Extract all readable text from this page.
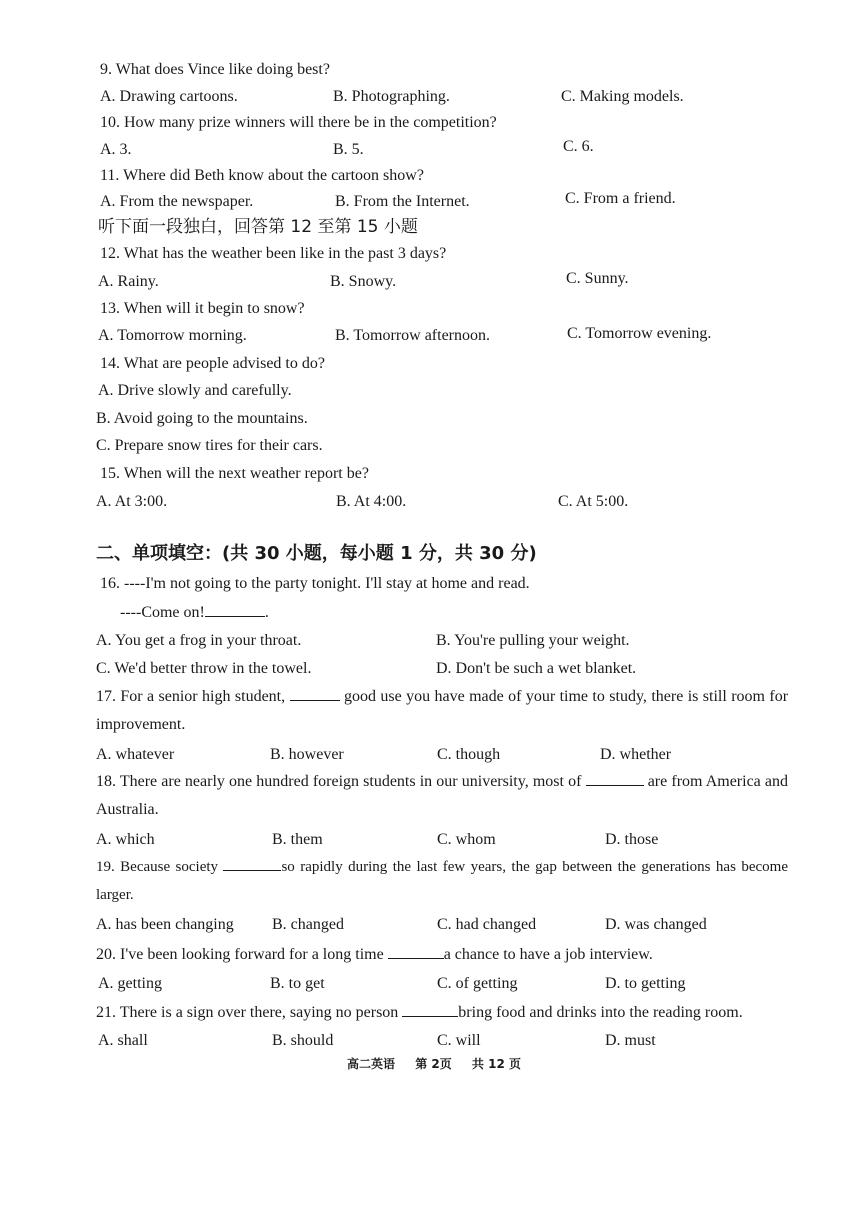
9. What does Vince like doing best?
A. Drawing cartoons.	B. Photographing.	C. Making models.
10. How many prize winners will there be in the competition?
A. 3.	B. 5.	C. 6.
11. Where did Beth know about the cartoon show?
A. From the newspaper.	B. From the Internet.	C. From a friend.
听下面一段独白，回答第 12 至第 15 小题
12. What has the weather been like in the past 3 days?
A. Rainy.	B. Snowy.	C. Sunny.
13. When will it begin to snow?
A. Tomorrow morning.	B. Tomorrow afternoon.	C. Tomorrow evening.
14. What are people advised to do?
A. Drive slowly and carefully.
B. Avoid going to the mountains.
C. Prepare snow tires for their cars.
15. When will the next weather report be?
A. At 3:00.	B. At 4:00.	C. At 5:00.
二、单项填空：(共 30 小题，每小题 1 分，共 30 分)
16. ----I'm not going to the party tonight. I'll stay at home and read.
----Come on!	.
A. You get a frog in your throat.	B. You're pulling your weight.
C. We'd better throw in the towel.	D. Don't be such a wet blanket.
17. For a senior high student,	good use you have made of your time to study, there is still room for improvement.
A. whatever	B. however	C. though	D. whether
18. There are nearly one hundred foreign students in our university, most of	are from America and Australia.
A. which	B. them	C. whom	D. those
19. Because society	so rapidly during the last few years, the gap between the generations has become larger.
A. has been changing B. changed	C. had changed	D. was changed
20. I've been looking forward for a long time	a chance to have a job interview.
A. getting	B. to get	C. of getting	D. to getting
21. There is a sign over there, saying no person	bring food and drinks into the reading room.
A. shall	B. should	C. will	D. must
高二英语 第 2页 共 12 页
